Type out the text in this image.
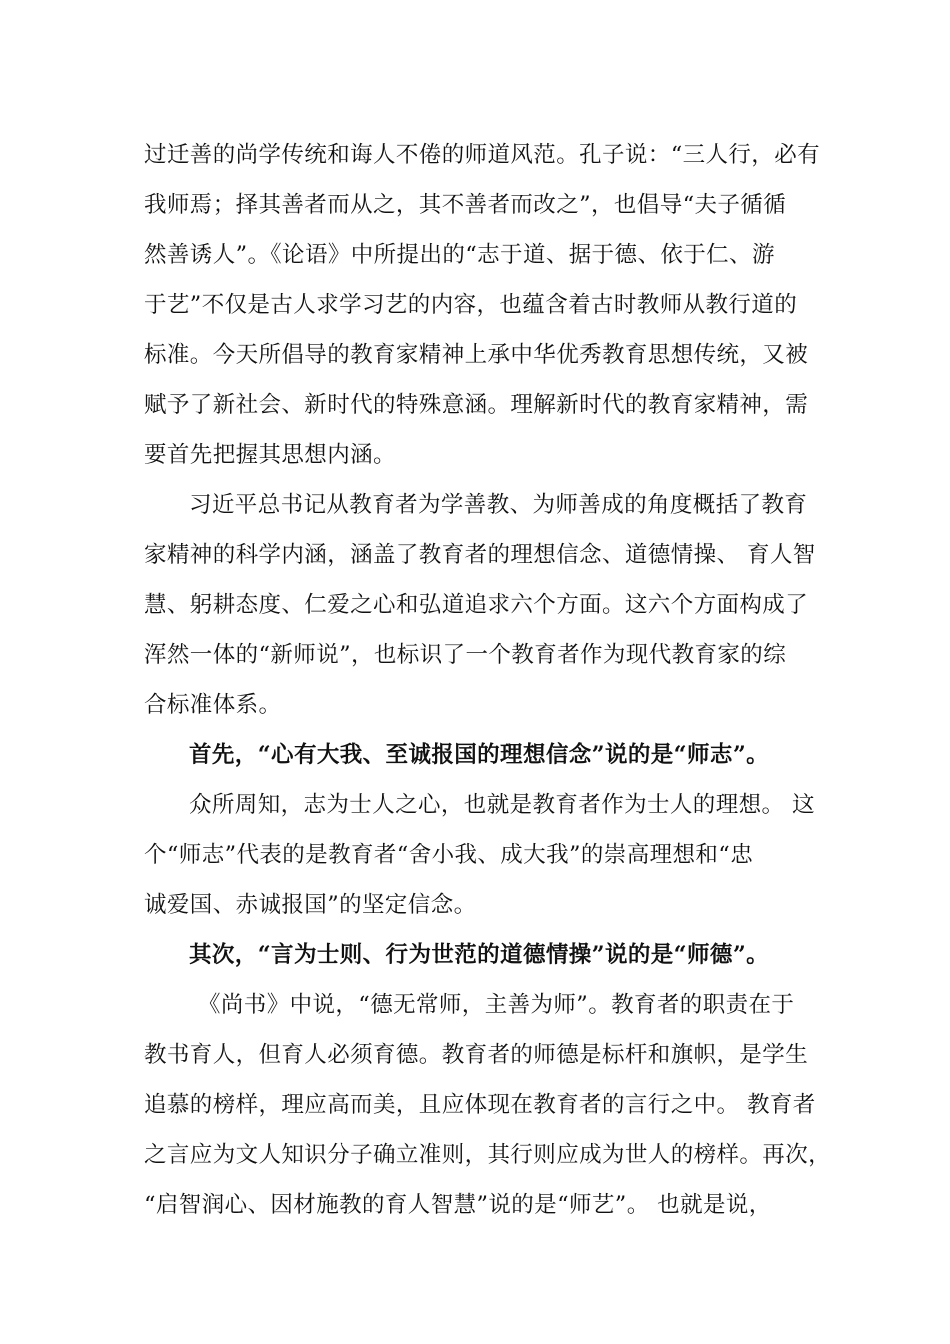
过迁善的尚学传统和诲人不倦的师道风范。孔子说：“三人行，必有
我师焉；择其善者而从之，其不善者而改之”，也倡导“夫子循循
然善诱人”。《论语》中所提出的“志于道、据于德、依于仁、游
于艺”不仅是古人求学习艺的内容，也蕴含着古时教师从教行道的
标准。今天所倡导的教育家精神上承中华优秀教育思想传统，又被
赋予了新社会、新时代的特殊意涵。理解新时代的教育家精神，需
要首先把握其思想内涵。
习近平总书记从教育者为学善教、为师善成的角度概括了教育
家精神的科学内涵，涵盖了教育者的理想信念、道德情操、 育人智
慧、躬耕态度、仁爱之心和弘道追求六个方面。这六个方面构成了
浑然一体的“新师说”，也标识了一个教育者作为现代教育家的综
合标准体系。
首先，“心有大我、至诚报国的理想信念”说的是“师志”。
众所周知，志为士人之心，也就是教育者作为士人的理想。 这
个“师志”代表的是教育者“舍小我、成大我”的崇高理想和“忠
诚爱国、赤诚报国”的坚定信念。
其次，“言为士则、行为世范的道德情操”说的是“师德”。
《尚书》中说，“德无常师，主善为师”。教育者的职责在于
教书育人，但育人必须育德。教育者的师德是标杆和旗帜，是学生
追慕的榜样，理应高而美，且应体现在教育者的言行之中。 教育者
之言应为文人知识分子确立准则，其行则应成为世人的榜样。再次，
“启智润心、因材施教的育人智慧”说的是“师艺”。 也就是说，
